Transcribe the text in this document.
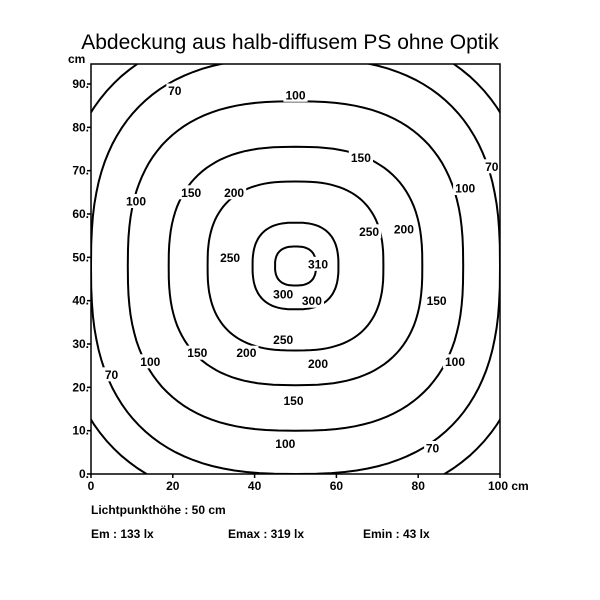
Abdeckung aus halb-diffusem PS ohne Optik
70
70
70
70
100
100
100
100	100
100
150
150
150
150
150
200
200
200
200
250
250
250
310
300 300
0.
10.
20.
30.
40.
50.
60.
70.
80.
90.
0	20	40	60	80	100 cm
cm
Lichtpunkthöhe : 50 cm
Em : 133 lx	Emax : 319 lx	Emin : 43 lx
